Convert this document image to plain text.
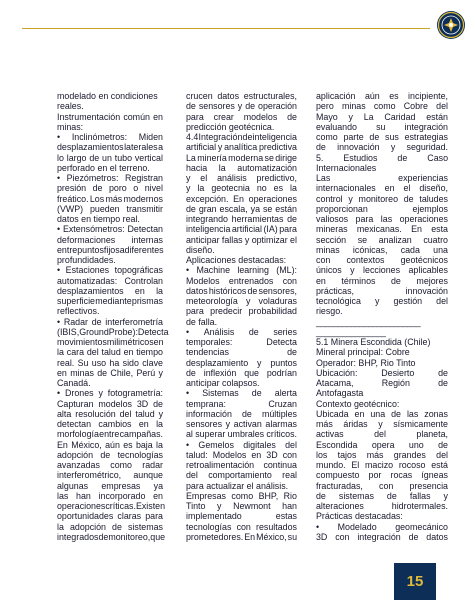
modelado en condiciones
reales.
Instrumentación común en
minas:
• Inclinómetros: Miden
desplazamientos laterales a
lo largo de un tubo vertical
perforado en el terreno.
• Piezómetros: Registran
presión de poro o nivel
freático. Los más modernos
(VWP) pueden transmitir
datos en tiempo real.
• Extensómetros: Detectan
deformaciones internas
entre puntos fijos a diferentes
profundidades.
• Estaciones topográficas
automatizadas: Controlan
desplazamientos en la
superficie mediante prismas
reflectivos.
• Radar de interferometría
(IBIS, GroundProbe): Detecta
movimientos milimétricos en
la cara del talud en tiempo
real. Su uso ha sido clave
en minas de Chile, Perú y
Canadá.
• Drones y fotogrametría:
Capturan modelos 3D de
alta resolución del talud y
detectan cambios en la
morfología entre campañas.
En México, aún es baja la
adopción de tecnologías
avanzadas como radar
interferométrico, aunque
algunas empresas ya
las han incorporado en
operaciones críticas. Existen
oportunidades claras para
la adopción de sistemas
integrados de monitoreo, que
crucen datos estructurales,
de sensores y de operación
para crear modelos de
predicción geotécnica.
4.4 Integración de inteligencia
artificial y analítica predictiva
La minería moderna se dirige
hacia la automatización
y el análisis predictivo,
y la geotecnia no es la
excepción. En operaciones
de gran escala, ya se están
integrando herramientas de
inteligencia artificial (IA) para
anticipar fallas y optimizar el
diseño.
Aplicaciones destacadas:
• Machine learning (ML):
Modelos entrenados con
datos históricos de sensores,
meteorología y voladuras
para predecir probabilidad
de falla.
• Análisis de series
temporales:	Detecta
tendencias	de
desplazamiento y puntos
de inflexión que podrían
anticipar colapsos.
• Sistemas de alerta
temprana:	Cruzan
información de múltiples
sensores y activan alarmas
al superar umbrales críticos.
• Gemelos digitales del
talud: Modelos en 3D con
retroalimentación continua
del comportamiento real
para actualizar el análisis.
Empresas como BHP, Rio
Tinto y Newmont han
implementado	estas
tecnologías con resultados
prometedores. En México, su
aplicación aún es incipiente,
pero minas como Cobre del
Mayo y La Caridad están
evaluando su integración
como parte de sus estrategias
de innovación y seguridad.
5. Estudios de Caso
Internacionales
Las	experiencias
internacionales en el diseño,
control y monitoreo de taludes
proporcionan	ejemplos
valiosos para las operaciones
mineras mexicanas. En esta
sección se analizan cuatro
minas icónicas, cada una
con contextos geotécnicos
únicos y lecciones aplicables
en términos de mejores
prácticas,	innovación
tecnológica y gestión del
riesgo.
________________________
________________
5.1 Minera Escondida (Chile)
Mineral principal: Cobre
Operador: BHP, Rio Tinto
Ubicación:	Desierto	de
Atacama,	Región	de
Antofagasta
Contexto geotécnico:
Ubicada en una de las zonas
más áridas y sísmicamente
activas	del	planeta,
Escondida opera uno de
los tajos más grandes del
mundo. El macizo rocoso está
compuesto por rocas ígneas
fracturadas, con presencia
de sistemas de fallas y
alteraciones	hidrotermales.
Prácticas destacadas:
• Modelado geomecánico
3D con integración de datos
15
